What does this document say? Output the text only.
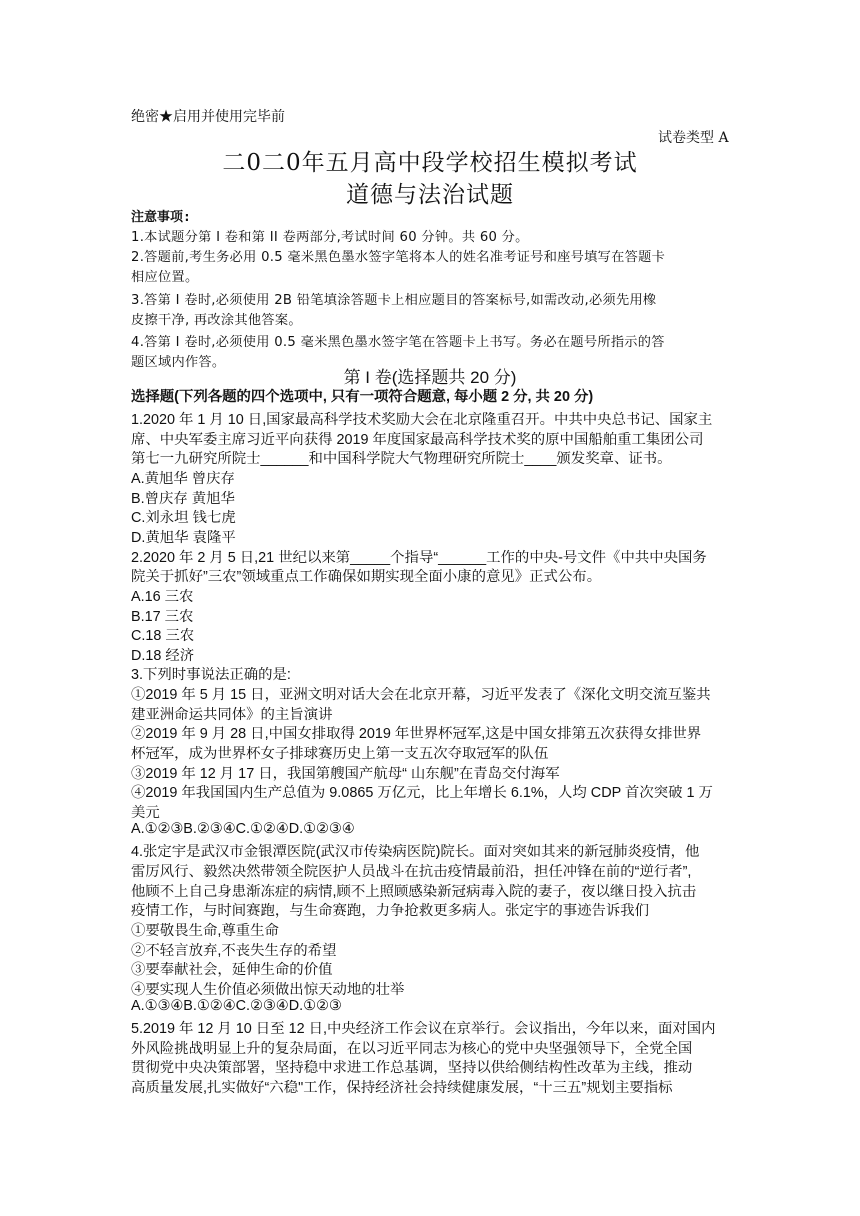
绝密★启用并使用完毕前
试卷类型 A
二0二0年五月高中段学校招生模拟考试
道德与法治试题
注意事项:
1.本试题分第 I 卷和第 II 卷两部分,考试时间 60 分钟。共 60 分。
2.答题前,考生务必用 0.5 毫米黑色墨水签字笔将本人的姓名准考证号和座号填写在答题卡
相应位置。
3.答第 I 卷时,必须使用 2B 铅笔填涂答题卡上相应题目的答案标号,如需改动,必须先用橡
皮擦干净, 再改涂其他答案。
4.答第 I 卷时,必须使用 0.5 毫米黑色墨水签字笔在答题卡上书写。务必在题号所指示的答
题区域内作答。
第 I 卷(选择题共 20 分)
选择题(下列各题的四个选项中, 只有一项符合题意, 每小题 2 分, 共 20 分)
1.2020 年 1 月 10 日,国家最高科学技术奖励大会在北京隆重召开。中共中央总书记、国家主
席、中央军委主席习近平向获得 2019 年度国家最高科学技术奖的原中国船舶重工集团公司
第七一九研究所院士______和中国科学院大气物理研究所院士____颁发奖章、证书。
A.黄旭华 曾庆存
B.曾庆存 黄旭华
C.刘永坦 钱七虎
D.黄旭华 袁隆平
2.2020 年 2 月 5 日,21 世纪以来第_____个指导“______工作的中央-号文件《中共中央国务
院关于抓好”三农”领域重点工作确保如期实现全面小康的意见》正式公布。
A.16 三农
B.17 三农
C.18 三农
D.18 经济
3.下列时事说法正确的是:
①2019 年 5 月 15 日，亚洲文明对话大会在北京开幕，习近平发表了《深化文明交流互鉴共
建亚洲命运共同体》的主旨演讲
②2019 年 9 月 28 日,中国女排取得 2019 年世界杯冠军,这是中国女排第五次获得女排世界
杯冠军，成为世界杯女子排球赛历史上第一支五次夺取冠军的队伍
③2019 年 12 月 17 日，我国第艘国产航母“ 山东舰”在青岛交付海军
④2019 年我国国内生产总值为 9.0865 万亿元，比上年增长 6.1%，人均 CDP 首次突破 1 万
美元
A.①②③B.②③④C.①②④D.①②③④
4.张定宇是武汉市金银潭医院(武汉市传染病医院)院长。面对突如其来的新冠肺炎疫情，他
雷厉风行、毅然决然带领全院医护人员战斗在抗击疫情最前沿，担任冲锋在前的“逆行者”,
他顾不上自己身患渐冻症的病情,顾不上照顾感染新冠病毒入院的妻子，夜以继日投入抗击
疫情工作，与时间赛跑，与生命赛跑，力争抢救更多病人。张定宇的事迹告诉我们
①要敬畏生命,尊重生命
②不轻言放弃,不丧失生存的希望
③要奉献社会，延伸生命的价值
④要实现人生价值必须做出惊天动地的壮举
A.①③④B.①②④C.②③④D.①②③
5.2019 年 12 月 10 日至 12 日,中央经济工作会议在京举行。会议指出，今年以来，面对国内
外风险挑战明显上升的复杂局面，在以习近平同志为核心的党中央坚强领导下，全党全国
贯彻党中央决策部署，坚持稳中求进工作总基调，坚持以供给侧结构性改革为主线，推动
高质量发展,扎实做好“六稳"工作，保持经济社会持续健康发展，“十三五”规划主要指标
